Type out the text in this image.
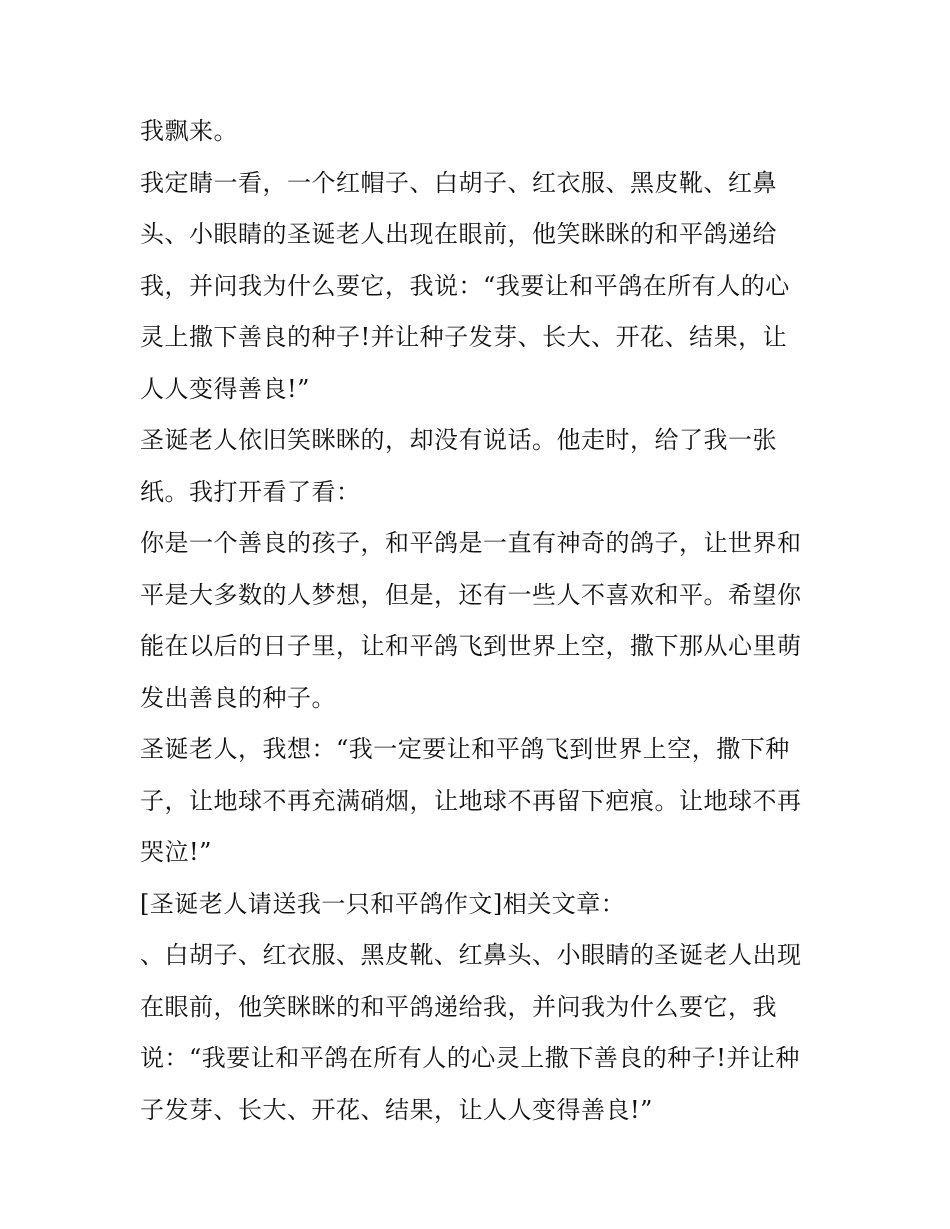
我飘来。
我定睛一看，一个红帽子、白胡子、红衣服、黑皮靴、红鼻
头、小眼睛的圣诞老人出现在眼前，他笑眯眯的和平鸽递给
我，并问我为什么要它，我说：“我要让和平鸽在所有人的心
灵上撒下善良的种子!并让种子发芽、长大、开花、结果，让
人人变得善良!”
圣诞老人依旧笑眯眯的，却没有说话。他走时，给了我一张
纸。我打开看了看：
你是一个善良的孩子，和平鸽是一直有神奇的鸽子，让世界和
平是大多数的人梦想，但是，还有一些人不喜欢和平。希望你
能在以后的日子里，让和平鸽飞到世界上空，撒下那从心里萌
发出善良的种子。
圣诞老人，我想：“我一定要让和平鸽飞到世界上空，撒下种
子，让地球不再充满硝烟，让地球不再留下疤痕。让地球不再
哭泣!”
[圣诞老人请送我一只和平鸽作文]相关文章：
、白胡子、红衣服、黑皮靴、红鼻头、小眼睛的圣诞老人出现
在眼前，他笑眯眯的和平鸽递给我，并问我为什么要它，我
说：“我要让和平鸽在所有人的心灵上撒下善良的种子!并让种
子发芽、长大、开花、结果，让人人变得善良!”
